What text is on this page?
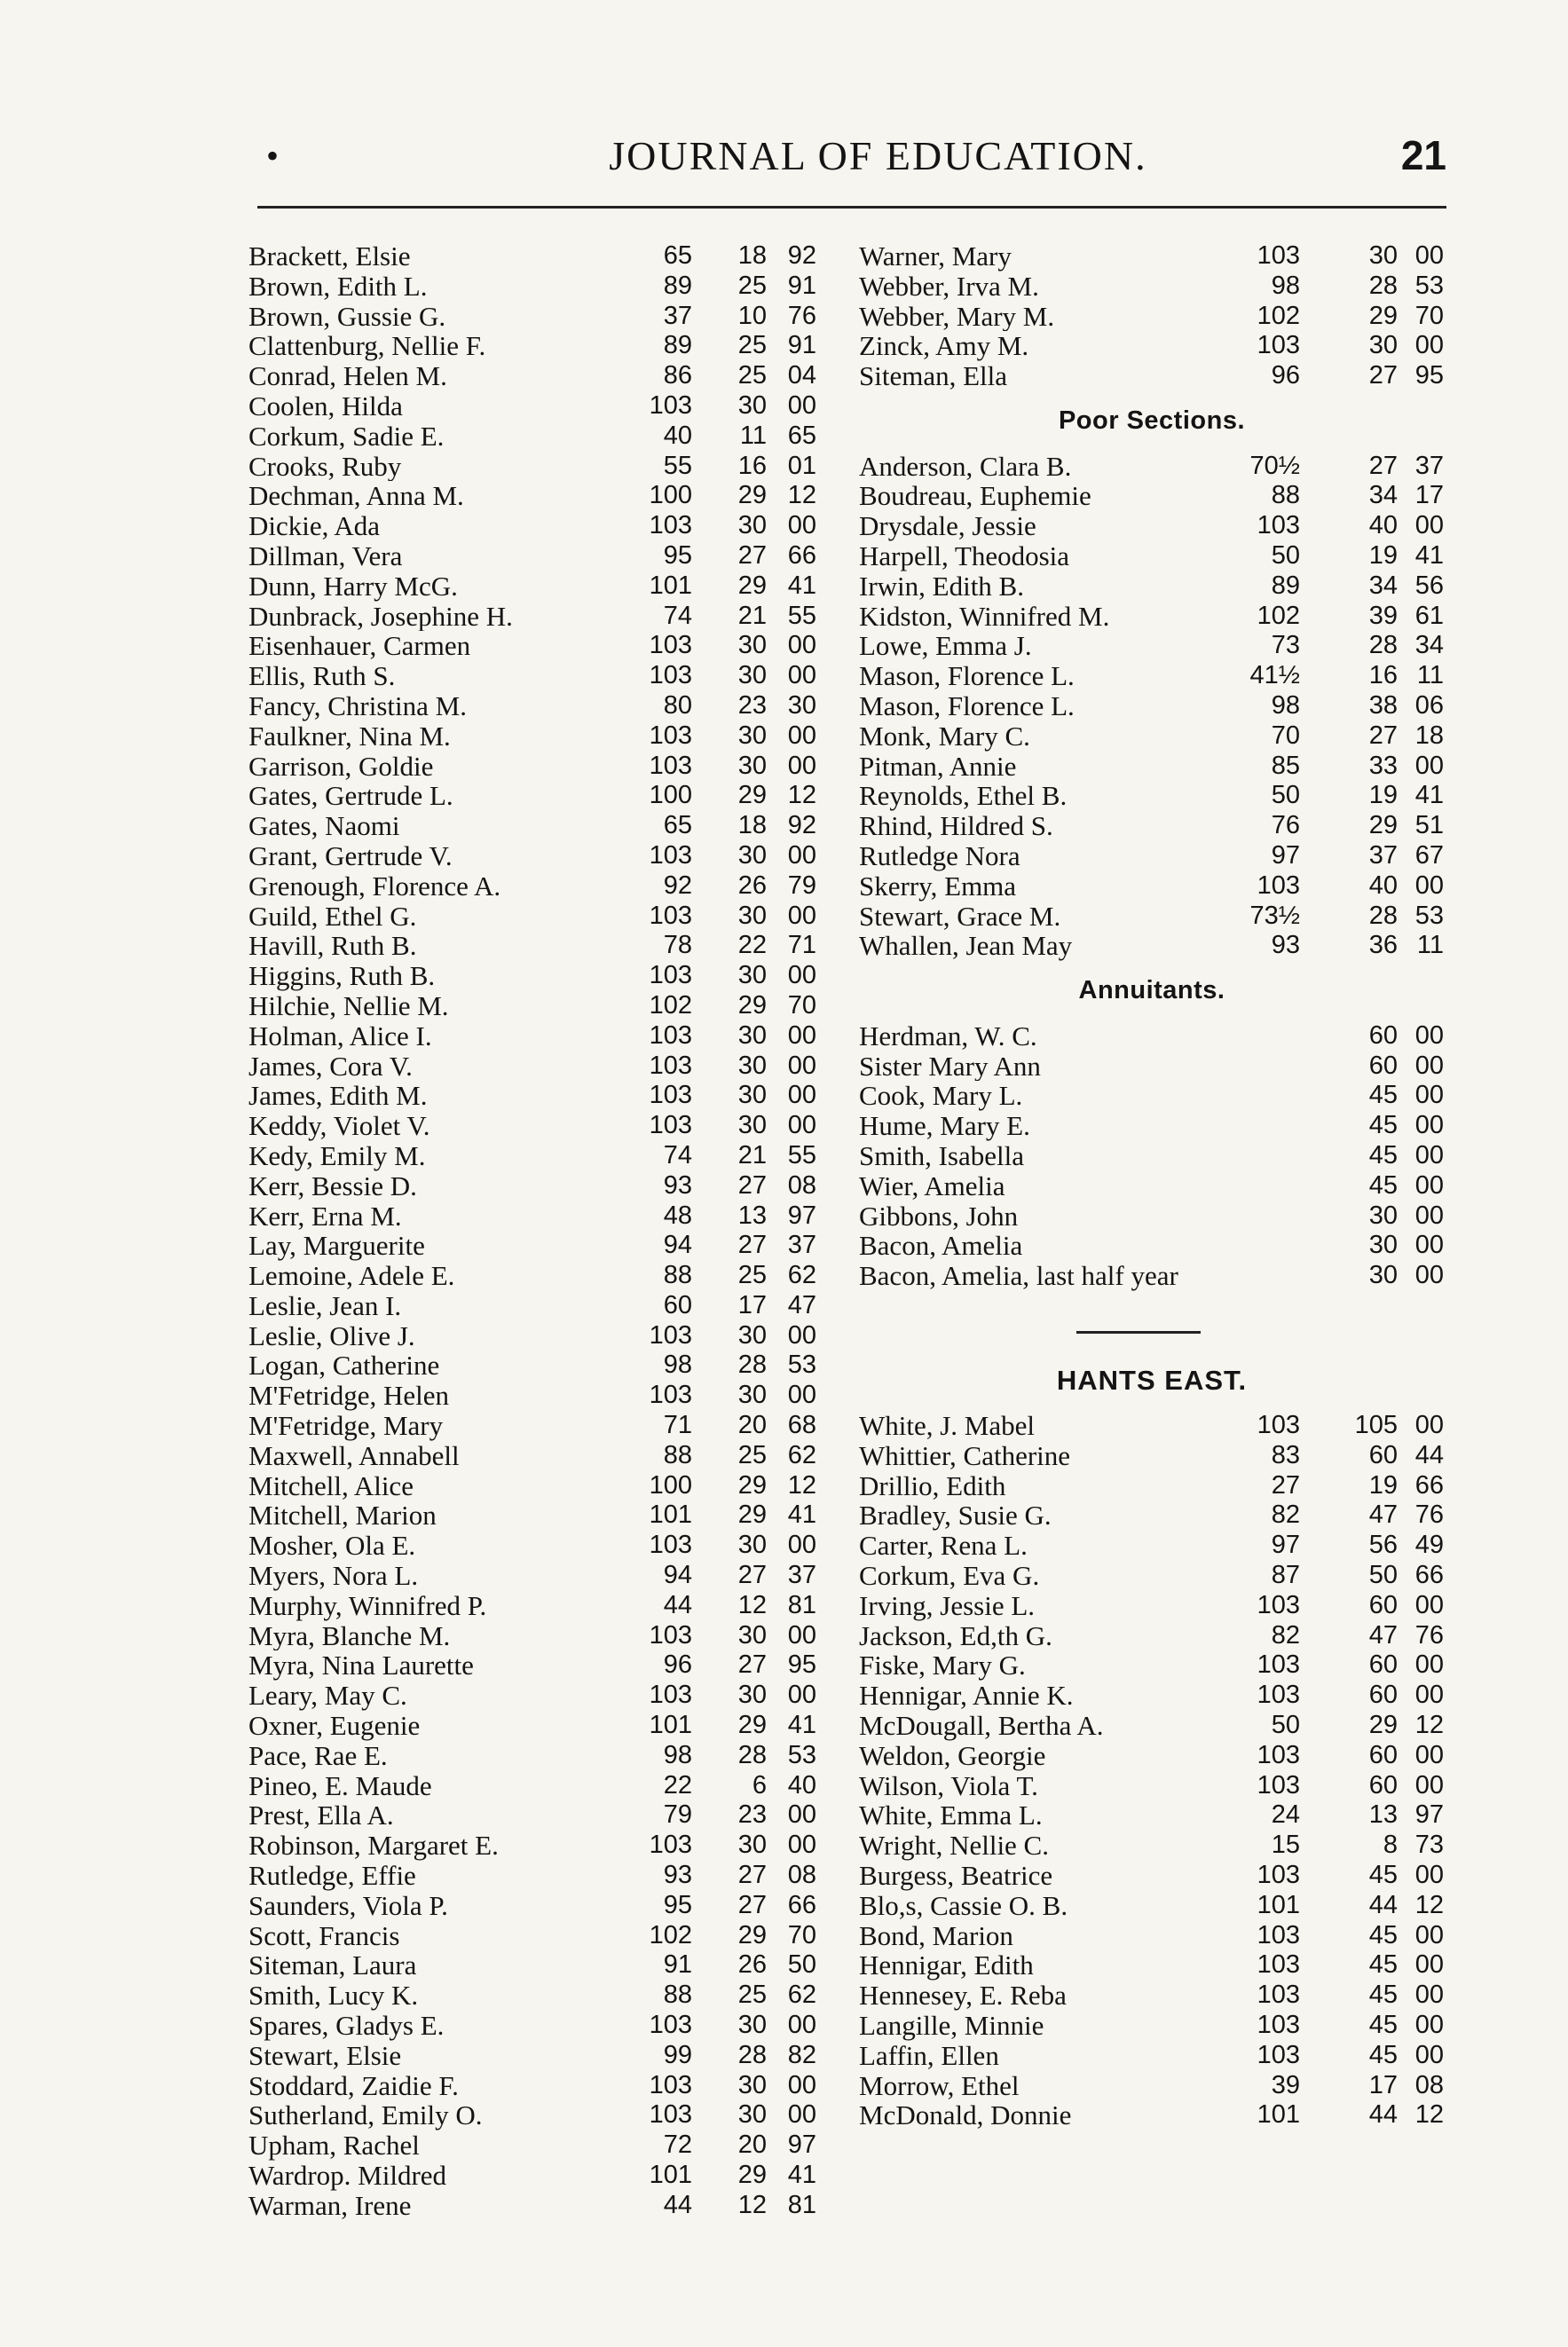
•	JOURNAL OF EDUCATION.	21
Brackett, Elsie	65	18 92
Brown, Edith L.	89	25 91
Brown, Gussie G.	37	10 76
Clattenburg, Nellie F.	89	25 91
Conrad, Helen M.	86	25 04
Coolen, Hilda	103	30 00
Corkum, Sadie E.	40	11 65
Crooks, Ruby	55	16 01
Dechman, Anna M.	100	29 12
Dickie, Ada	103	30 00
Dillman, Vera	95	27 66
Dunn, Harry McG.	101	29 41
Dunbrack, Josephine H.	74	21 55
Eisenhauer, Carmen	103	30 00
Ellis, Ruth S.	103	30 00
Fancy, Christina M.	80	23 30
Faulkner, Nina M.	103	30 00
Garrison, Goldie	103	30 00
Gates, Gertrude L.	100	29 12
Gates, Naomi	65	18 92
Grant, Gertrude V.	103	30 00
Grenough, Florence A.	92	26 79
Guild, Ethel G.	103	30 00
Havill, Ruth B.	78	22 71
Higgins, Ruth B.	103	30 00
Hilchie, Nellie M.	102	29 70
Holman, Alice I.	103	30 00
James, Cora V.	103	30 00
James, Edith M.	103	30 00
Keddy, Violet V.	103	30 00
Kedy, Emily M.	74	21 55
Kerr, Bessie D.	93	27 08
Kerr, Erna M.	48	13 97
Lay, Marguerite	94	27 37
Lemoine, Adele E.	88	25 62
Leslie, Jean I.	60	17 47
Leslie, Olive J.	103	30 00
Logan, Catherine	98	28 53
M'Fetridge, Helen	103	30 00
M'Fetridge, Mary	71	20 68
Maxwell, Annabell	88	25 62
Mitchell, Alice	100	29 12
Mitchell, Marion	101	29 41
Mosher, Ola E.	103	30 00
Myers, Nora L.	94	27 37
Murphy, Winnifred P.	44	12 81
Myra, Blanche M.	103	30 00
Myra, Nina Laurette	96	27 95
Leary, May C.	103	30 00
Oxner, Eugenie	101	29 41
Pace, Rae E.	98	28 53
Pineo, E. Maude	22	6 40
Prest, Ella A.	79	23 00
Robinson, Margaret E.	103	30 00
Rutledge, Effie	93	27 08
Saunders, Viola P.	95	27 66
Scott, Francis	102	29 70
Siteman, Laura	91	26 50
Smith, Lucy K.	88	25 62
Spares, Gladys E.	103	30 00
Stewart, Elsie	99	28 82
Stoddard, Zaidie F.	103	30 00
Sutherland, Emily O.	103	30 00
Upham, Rachel	72	20 97
Wardrop. Mildred	101	29 41
Warman, Irene	44	12 81
Warner, Mary	103	30 00
Webber, Irva M.	98	28 53
Webber, Mary M.	102	29 70
Zinck, Amy M.	103	30 00
Siteman, Ella	96	27 95
Poor Sections.
Anderson, Clara B.	70½	27 37
Boudreau, Euphemie	88	34 17
Drysdale, Jessie	103	40 00
Harpell, Theodosia	50	19 41
Irwin, Edith B.	89	34 56
Kidston, Winnifred M.	102	39 61
Lowe, Emma J.	73	28 34
Mason, Florence L.	41½	16 11
Mason, Florence L.	98	38 06
Monk, Mary C.	70	27 18
Pitman, Annie	85	33 00
Reynolds, Ethel B.	50	19 41
Rhind, Hildred S.	76	29 51
Rutledge Nora	97	37 67
Skerry, Emma	103	40 00
Stewart, Grace M.	73½	28 53
Whallen, Jean May	93	36 11
Annuitants.
Herdman, W. C.	60 00
Sister Mary Ann	60 00
Cook, Mary L.	45 00
Hume, Mary E.	45 00
Smith, Isabella	45 00
Wier, Amelia	45 00
Gibbons, John	30 00
Bacon, Amelia	30 00
Bacon, Amelia, last half year	30 00
HANTS EAST.
White, J. Mabel	103	105 00
Whittier, Catherine	83	60 44
Drillio, Edith	27	19 66
Bradley, Susie G.	82	47 76
Carter, Rena L.	97	56 49
Corkum, Eva G.	87	50 66
Irving, Jessie L.	103	60 00
Jackson, Ed,th G.	82	47 76
Fiske, Mary G.	103	60 00
Hennigar, Annie K.	103	60 00
McDougall, Bertha A.	50	29 12
Weldon, Georgie	103	60 00
Wilson, Viola T.	103	60 00
White, Emma L.	24	13 97
Wright, Nellie C.	15	8 73
Burgess, Beatrice	103	45 00
Blo,s, Cassie O. B.	101	44 12
Bond, Marion	103	45 00
Hennigar, Edith	103	45 00
Hennesey, E. Reba	103	45 00
Langille, Minnie	103	45 00
Laffin, Ellen	103	45 00
Morrow, Ethel	39	17 08
McDonald, Donnie	101	44 12
